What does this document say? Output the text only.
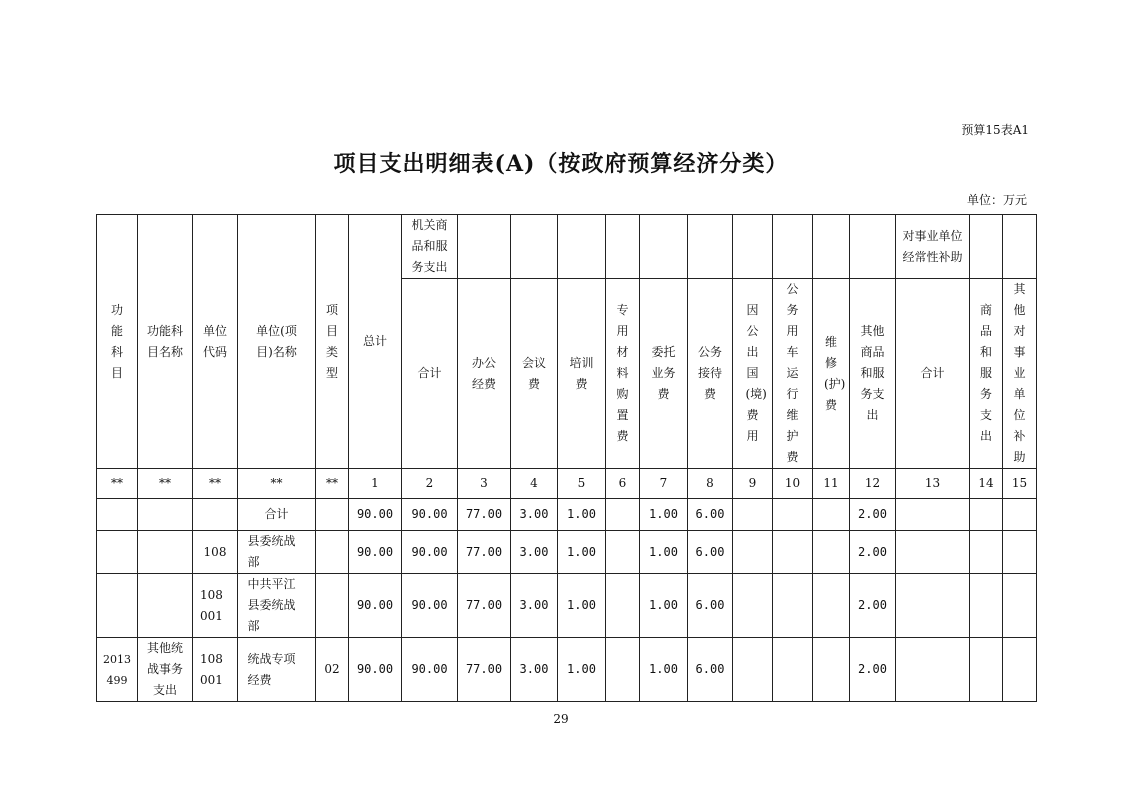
预算15表A1
项目支出明细表(A)（按政府预算经济分类）
单位：万元
功能科目	功能科目名称	单位代码	单位(项目)名称	项目类型	总计	机关商品和服务支出											对事业单位经常性补助		
						合计	办公经费	会议费	培训费	专用材料购置费	委托业务费	公务接待费	因公出国(境)费用	公务用车运行维护费	维修(护)费	其他商品和服务支出	合计	商品和服务支出	其他对事业单位补助
**	**	**	**	**	1	2	3	4	5	6	7	8	9	10	11	12	13	14	15
			合计		90.00	90.00	77.00	3.00	1.00		1.00	6.00				2.00			
		108	县委统战部		90.00	90.00	77.00	3.00	1.00		1.00	6.00				2.00			
		108001	中共平江县委统战部		90.00	90.00	77.00	3.00	1.00		1.00	6.00				2.00			
2013499	其他统战事务支出	108001	统战专项经费	02	90.00	90.00	77.00	3.00	1.00		1.00	6.00				2.00			
29
